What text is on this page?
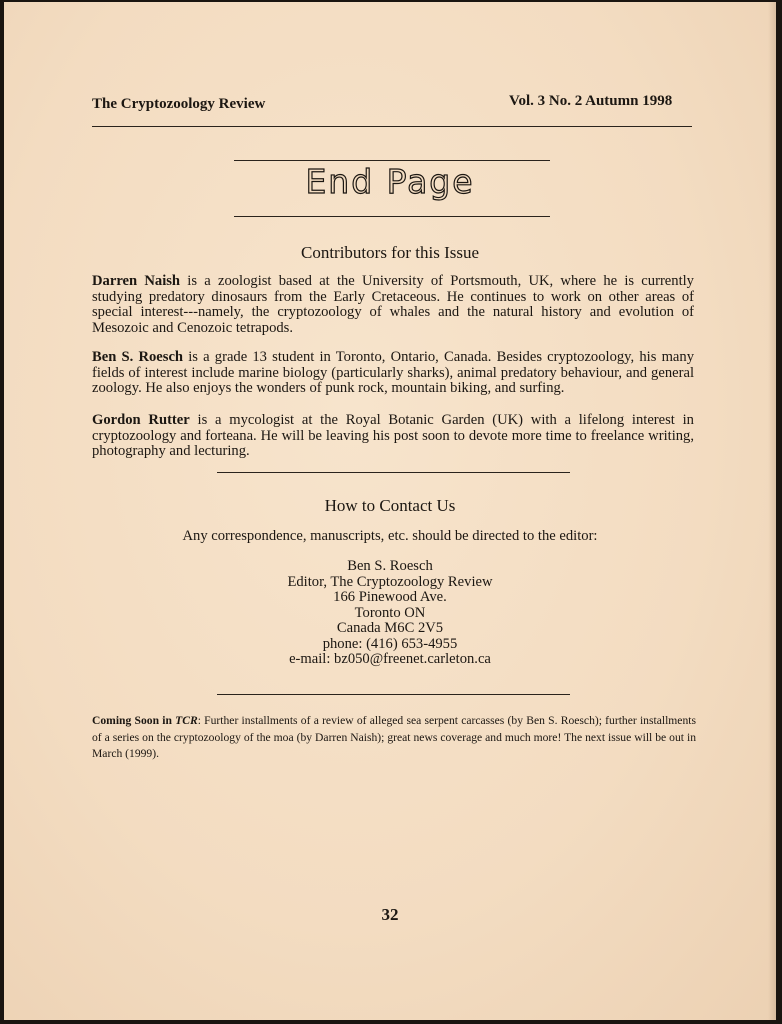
The Cryptozoology Review	Vol. 3 No. 2 Autumn 1998
End Page
Contributors for this Issue
Darren Naish is a zoologist based at the University of Portsmouth, UK, where he is currently studying predatory dinosaurs from the Early Cretaceous. He continues to work on other areas of special interest---namely, the cryptozoology of whales and the natural history and evolution of Mesozoic and Cenozoic tetrapods.
Ben S. Roesch is a grade 13 student in Toronto, Ontario, Canada. Besides cryptozoology, his many fields of interest include marine biology (particularly sharks), animal predatory behaviour, and general zoology. He also enjoys the wonders of punk rock, mountain biking, and surfing.
Gordon Rutter is a mycologist at the Royal Botanic Garden (UK) with a lifelong interest in cryptozoology and forteana. He will be leaving his post soon to devote more time to freelance writing, photography and lecturing.
How to Contact Us
Any correspondence, manuscripts, etc. should be directed to the editor:
Ben S. Roesch
Editor, The Cryptozoology Review
166 Pinewood Ave.
Toronto ON
Canada M6C 2V5
phone: (416) 653-4955
e-mail: bz050@freenet.carleton.ca
Coming Soon in TCR: Further installments of a review of alleged sea serpent carcasses (by Ben S. Roesch); further installments of a series on the cryptozoology of the moa (by Darren Naish); great news coverage and much more! The next issue will be out in March (1999).
32
